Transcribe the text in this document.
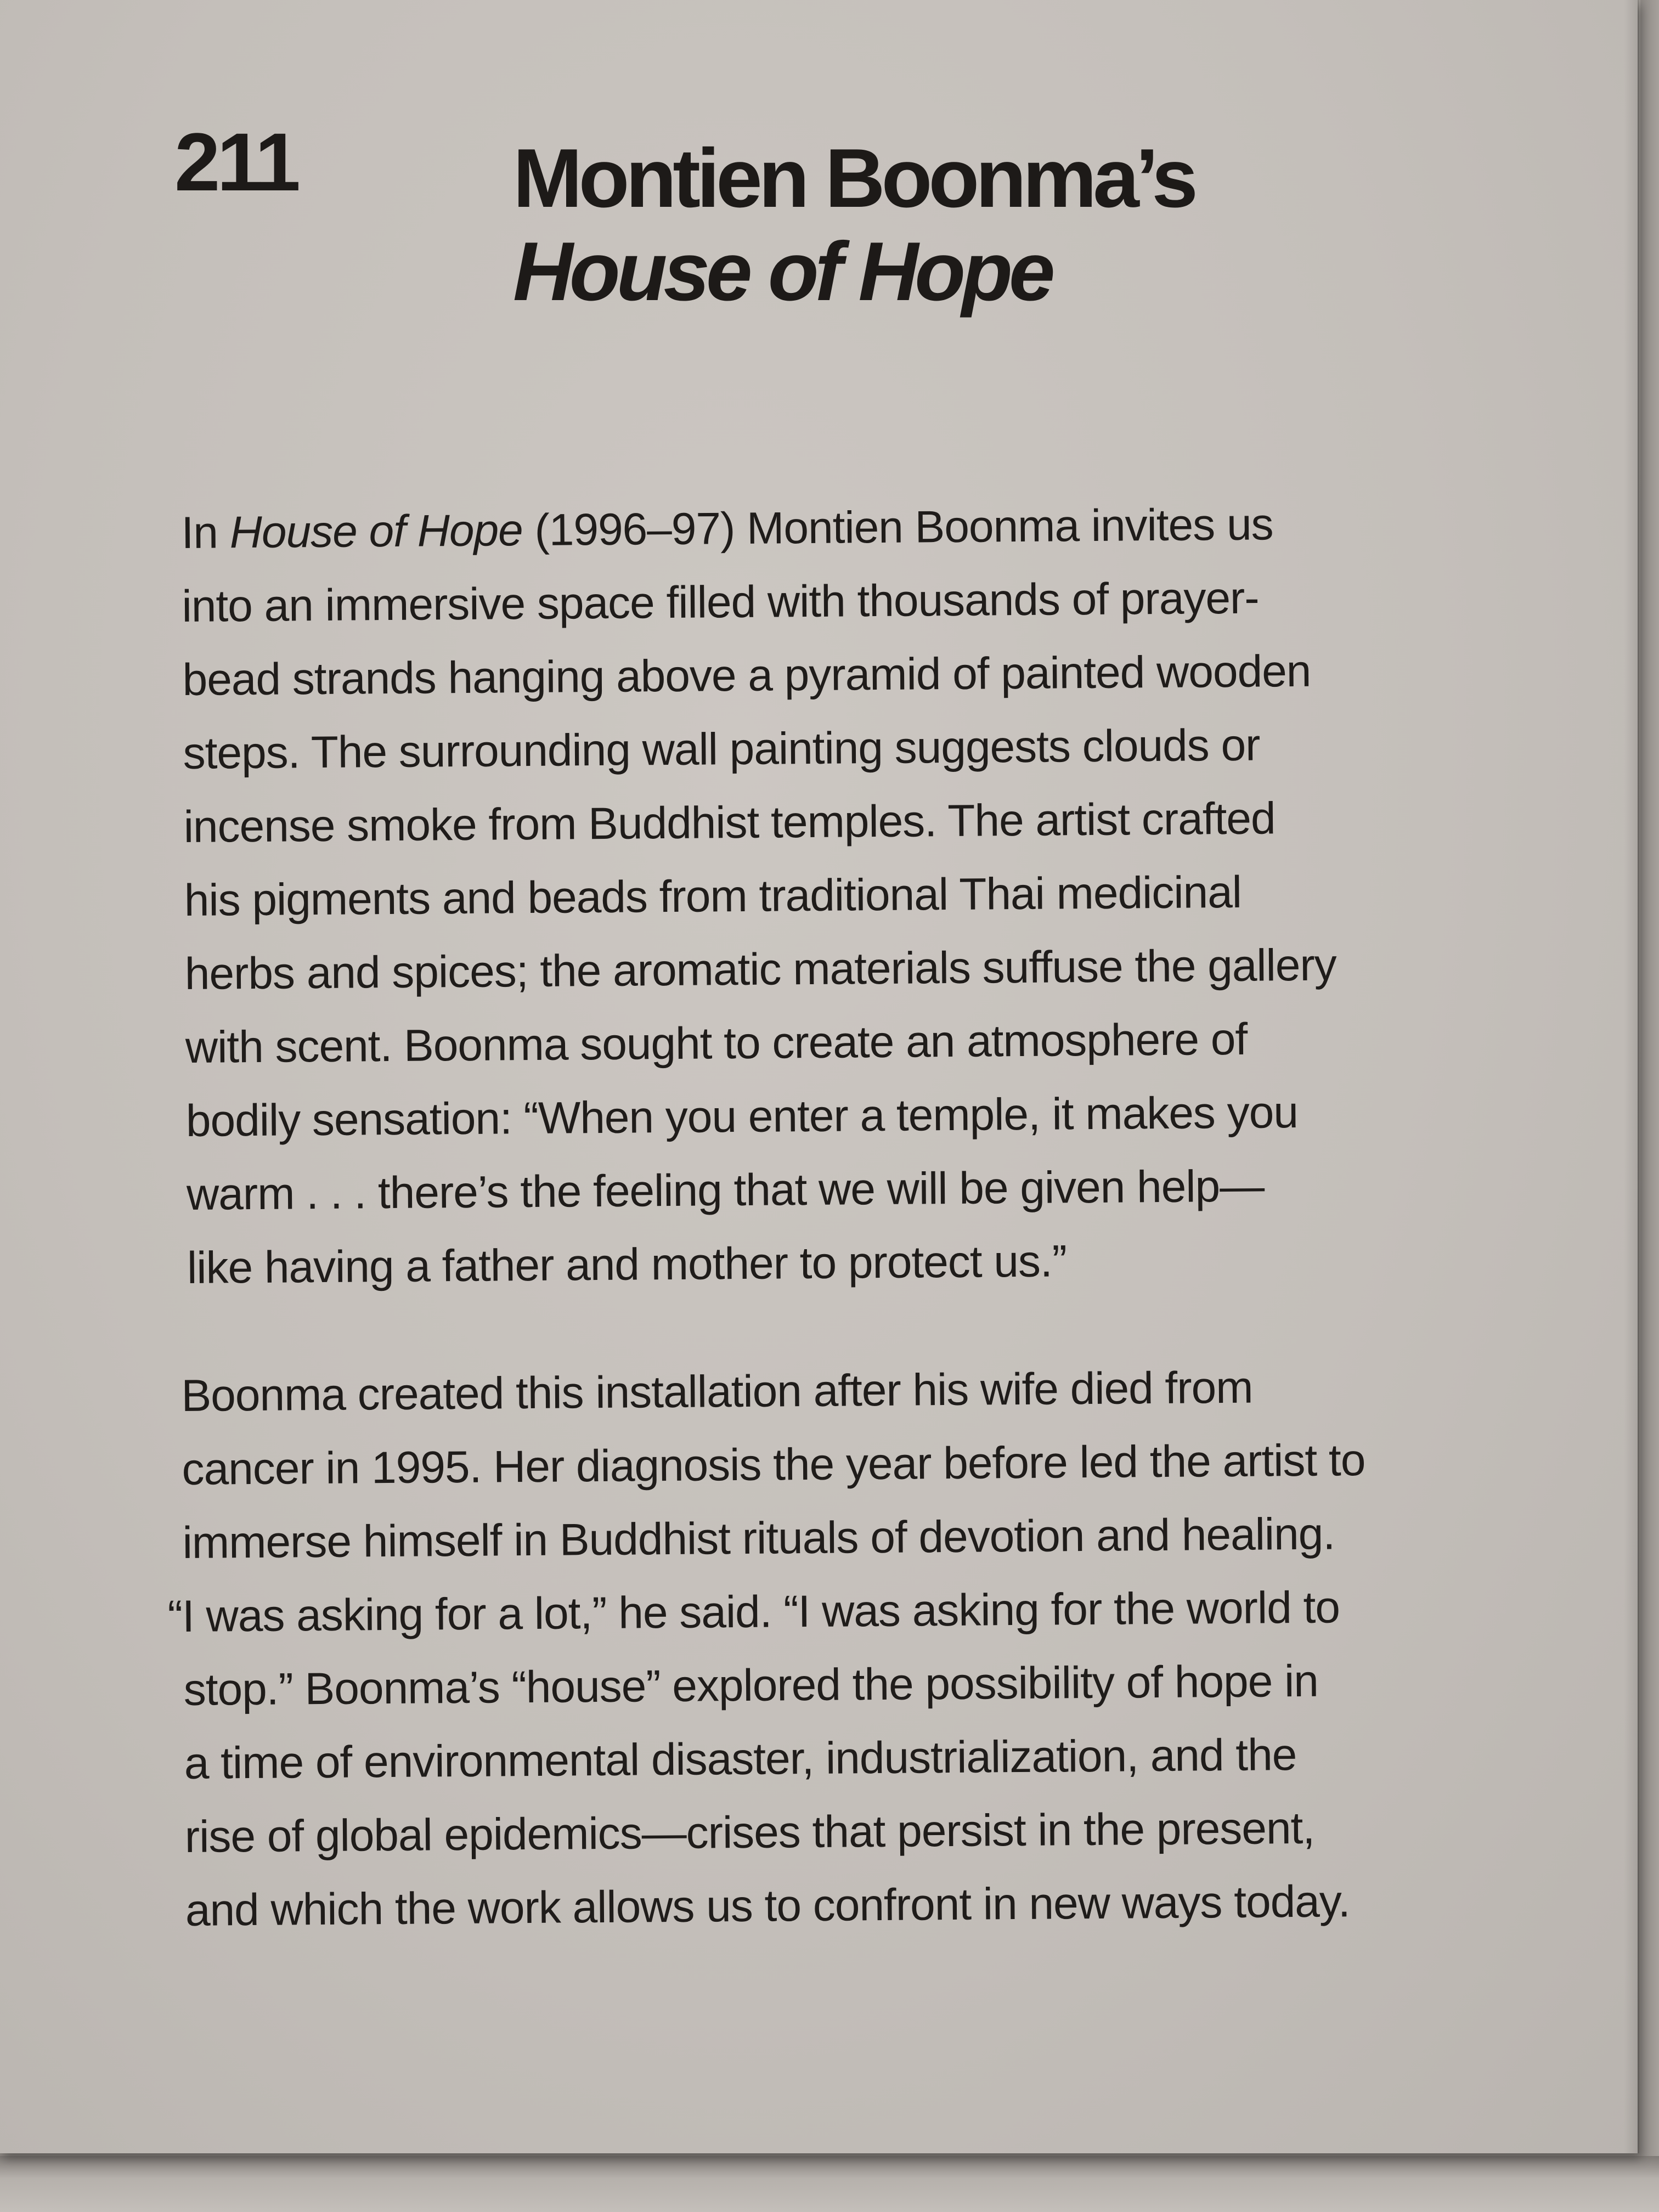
211	Montien Boonma’s
House of Hope
In House of Hope (1996–97) Montien Boonma invites us
into an immersive space filled with thousands of prayer-
bead strands hanging above a pyramid of painted wooden
steps. The surrounding wall painting suggests clouds or
incense smoke from Buddhist temples. The artist crafted
his pigments and beads from traditional Thai medicinal
herbs and spices; the aromatic materials suffuse the gallery
with scent. Boonma sought to create an atmosphere of
bodily sensation: “When you enter a temple, it makes you
warm . . . there’s the feeling that we will be given help—
like having a father and mother to protect us.”
Boonma created this installation after his wife died from
cancer in 1995. Her diagnosis the year before led the artist to
immerse himself in Buddhist rituals of devotion and healing.
“I was asking for a lot,” he said. “I was asking for the world to
stop.” Boonma’s “house” explored the possibility of hope in
a time of environmental disaster, industrialization, and the
rise of global epidemics—crises that persist in the present,
and which the work allows us to confront in new ways today.
